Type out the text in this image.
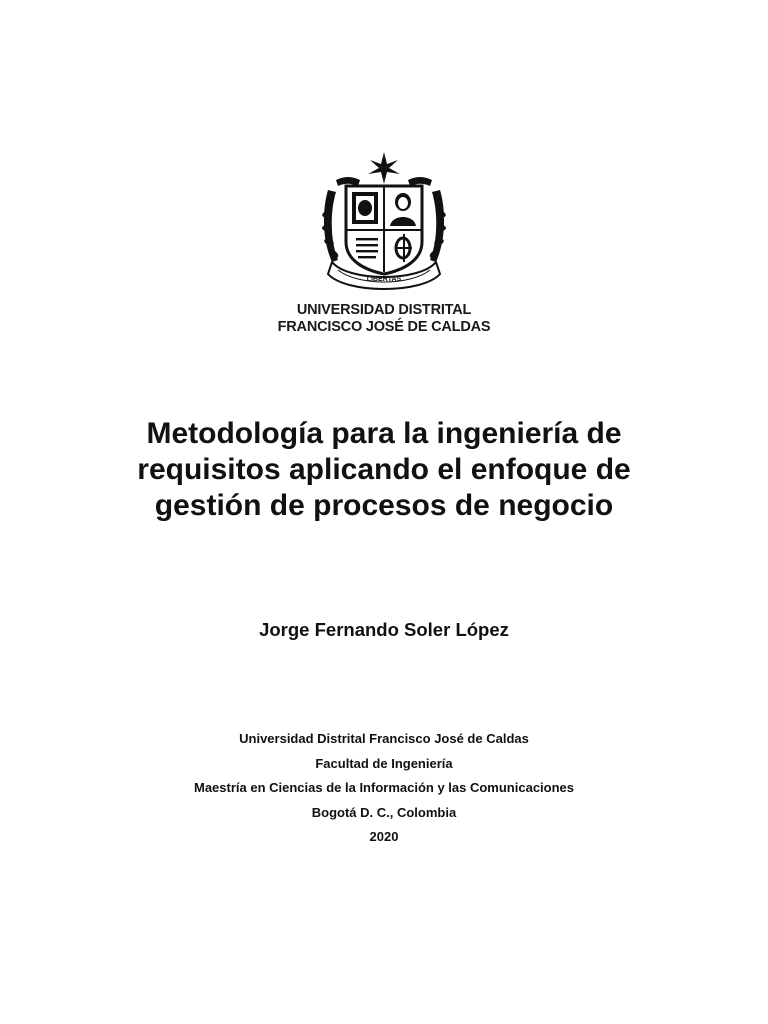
LIBERTAS
UNIVERSIDAD DISTRITAL
FRANCISCO JOSÉ DE CALDAS
Metodología para la ingeniería de
requisitos aplicando el enfoque de
gestión de procesos de negocio
Jorge Fernando Soler López
Universidad Distrital Francisco José de Caldas
Facultad de Ingeniería
Maestría en Ciencias de la Información y las Comunicaciones
Bogotá D. C., Colombia
2020
